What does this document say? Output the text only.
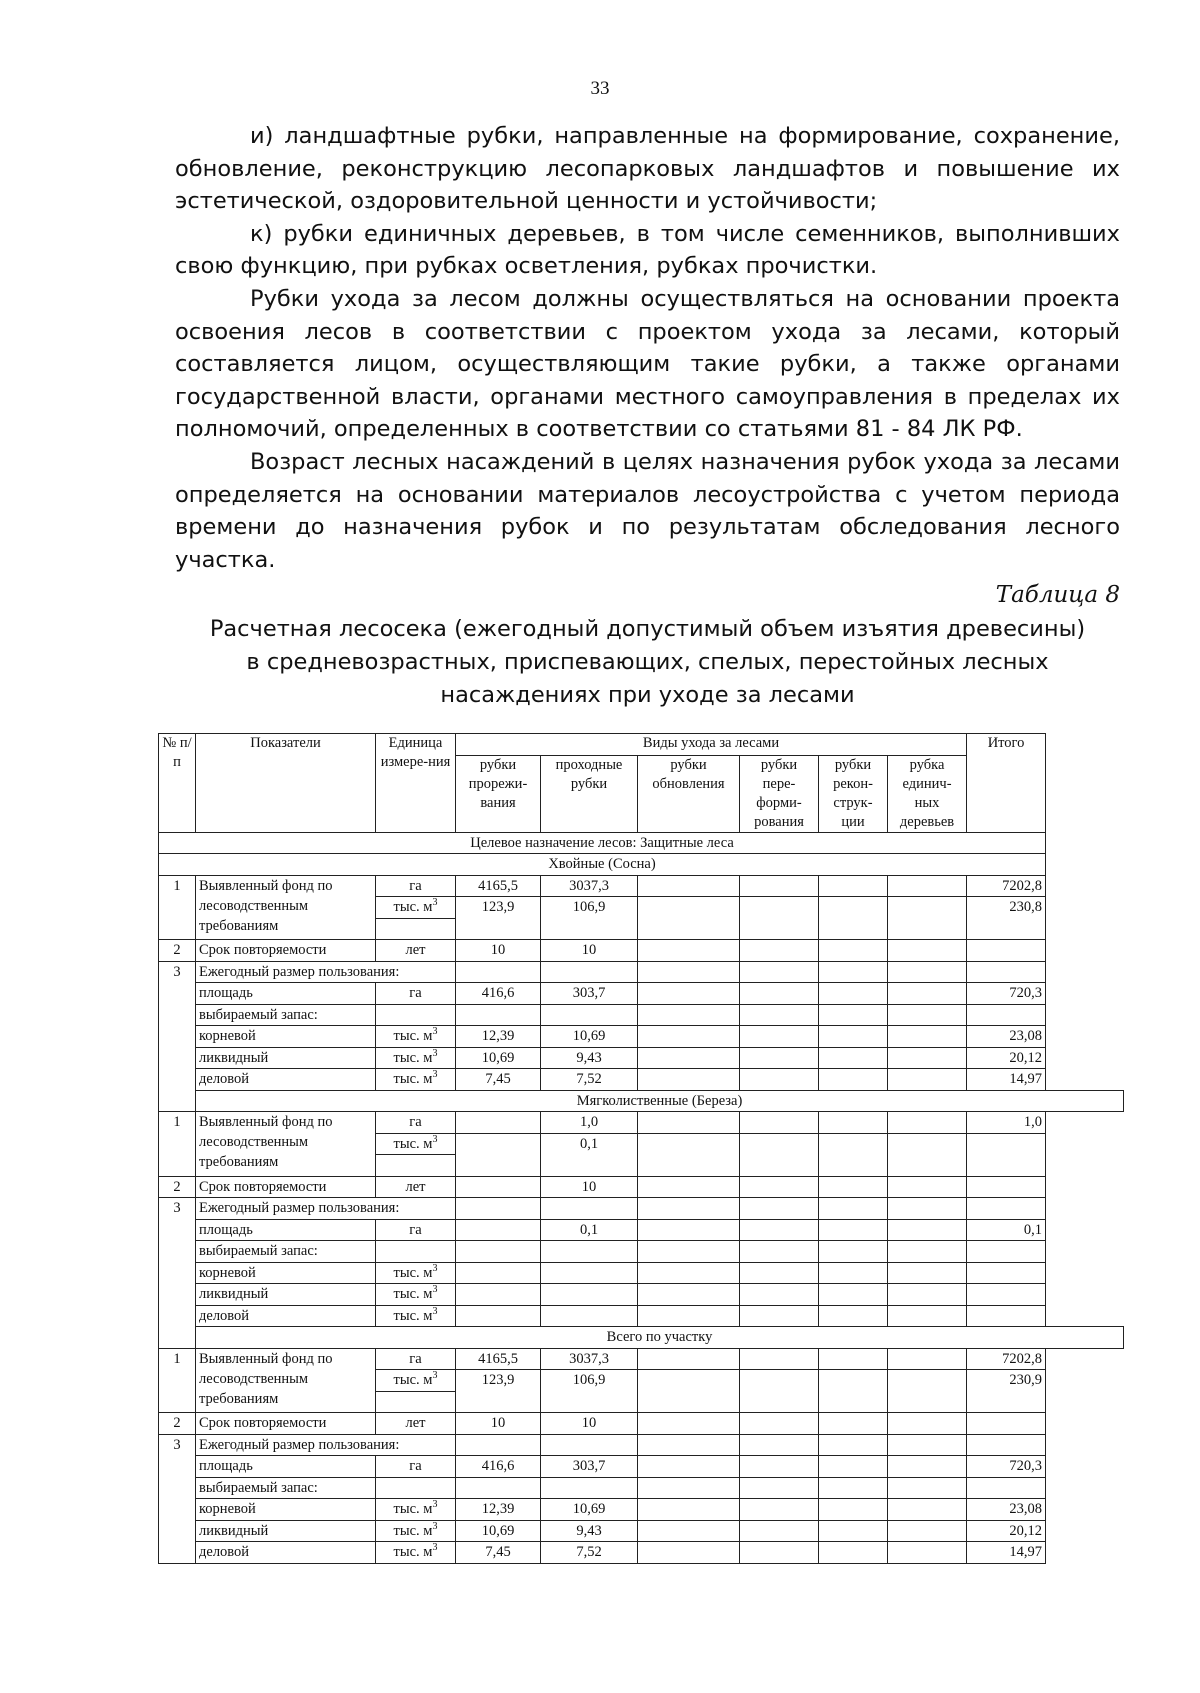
33

и) ландшафтные рубки, направленные на формирование, сохранение, обновление, реконструкцию лесопарковых ландшафтов и повышение их эстетической, оздоровительной ценности и устойчивости;

к) рубки единичных деревьев, в том числе семенников, выполнивших свою функцию, при рубках осветления, рубках прочистки.

Рубки ухода за лесом должны осуществляться на основании проекта освоения лесов в соответствии с проектом ухода за лесами, который составляется лицом, осуществляющим такие рубки, а также органами государственной власти, органами местного самоуправления в пределах их полномочий, определенных в соответствии со статьями 81 - 84 ЛК РФ.

Возраст лесных насаждений в целях назначения рубок ухода за лесами определяется на основании материалов лесоустройства с учетом периода времени до назначения рубок и по результатам обследования лесного участка.

Таблица 8
Расчетная лесосека (ежегодный допустимый объем изъятия древесины)
в средневозрастных, приспевающих, спелых, перестойных лесных
насаждениях при уходе за лесами
№ п/п	Показатели	Единица измере-ния	Виды ухода за лесами						Итого
			рубки прорежи-вания	проходные рубки	рубки обновления	рубки пере-форми-рования	рубки рекон-струк-ции	рубка единич-ных деревьев	
Целевое назначение лесов: Защитные леса									
Хвойные (Сосна)									
1	Выявленный фонд по лесоводственным требованиям	га	4165,5	3037,3					7202,8
		тыс. $м^3$	123,9	106,9					230,8

2	Срок повторяемости	лет	10	10					
3	Ежегодный размер пользования:								
	площадь	га	416,6	303,7					720,3
	выбираемый запас:								
	корневой	тыс. $м^3$	12,39	10,69					23,08
	ликвидный	тыс. $м^3$	10,69	9,43					20,12
	деловой	тыс. $м^3$	7,45	7,52					14,97
	Мягколиственные (Береза)								
1	Выявленный фонд по лесоводственным требованиям	га		1,0					1,0
		тыс. $м^3$		0,1					

2	Срок повторяемости	лет		10					
3	Ежегодный размер пользования:								
	площадь	га		0,1					0,1
	выбираемый запас:								
	корневой	тыс. $м^3$							
	ликвидный	тыс. $м^3$							
	деловой	тыс. $м^3$							
	Всего по участку								
1	Выявленный фонд по лесоводственным требованиям	га	4165,5	3037,3					7202,8
		тыс. $м^3$	123,9	106,9					230,9

2	Срок повторяемости	лет	10	10					
3	Ежегодный размер пользования:								
	площадь	га	416,6	303,7					720,3
	выбираемый запас:								
	корневой	тыс. $м^3$	12,39	10,69					23,08
	ликвидный	тыс. $м^3$	10,69	9,43					20,12
	деловой	тыс. $м^3$	7,45	7,52					14,97
